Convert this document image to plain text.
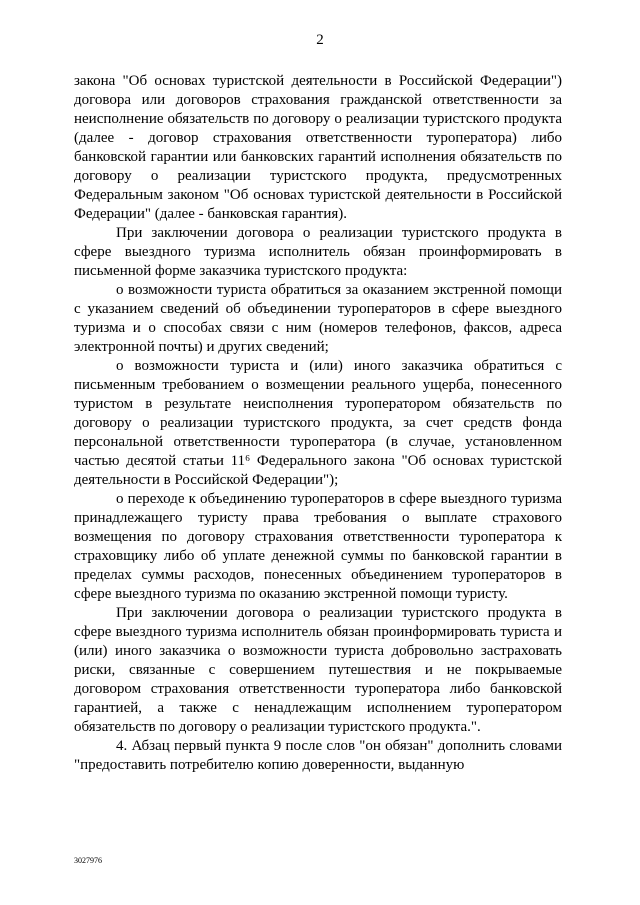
2

закона "Об основах туристской деятельности в Российской Федерации") договора или договоров страхования гражданской ответственности за неисполнение обязательств по договору о реализации туристского продукта (далее - договор страхования ответственности туроператора) либо банковской гарантии или банковских гарантий исполнения обязательств по договору о реализации туристского продукта, предусмотренных Федеральным законом "Об основах туристской деятельности в Российской Федерации" (далее - банковская гарантия).

При заключении договора о реализации туристского продукта в сфере выездного туризма исполнитель обязан проинформировать в письменной форме заказчика туристского продукта:

о возможности туриста обратиться за оказанием экстренной помощи с указанием сведений об объединении туроператоров в сфере выездного туризма и о способах связи с ним (номеров телефонов, факсов, адреса электронной почты) и других сведений;

о возможности туриста и (или) иного заказчика обратиться с письменным требованием о возмещении реального ущерба, понесенного туристом в результате неисполнения туроператором обязательств по договору о реализации туристского продукта, за счет средств фонда персональной ответственности туроператора (в случае, установленном частью десятой статьи 11⁶ Федерального закона "Об основах туристской деятельности в Российской Федерации");

о переходе к объединению туроператоров в сфере выездного туризма принадлежащего туристу права требования о выплате страхового возмещения по договору страхования ответственности туроператора к страховщику либо об уплате денежной суммы по банковской гарантии в пределах суммы расходов, понесенных объединением туроператоров в сфере выездного туризма по оказанию экстренной помощи туристу.

При заключении договора о реализации туристского продукта в сфере выездного туризма исполнитель обязан проинформировать туриста и (или) иного заказчика о возможности туриста добровольно застраховать риски, связанные с совершением путешествия и не покрываемые договором страхования ответственности туроператора либо банковской гарантией, а также с ненадлежащим исполнением туроператором обязательств по договору о реализации туристского продукта.".

4. Абзац первый пункта 9 после слов "он обязан" дополнить словами "предоставить потребителю копию доверенности, выданную

3027976
